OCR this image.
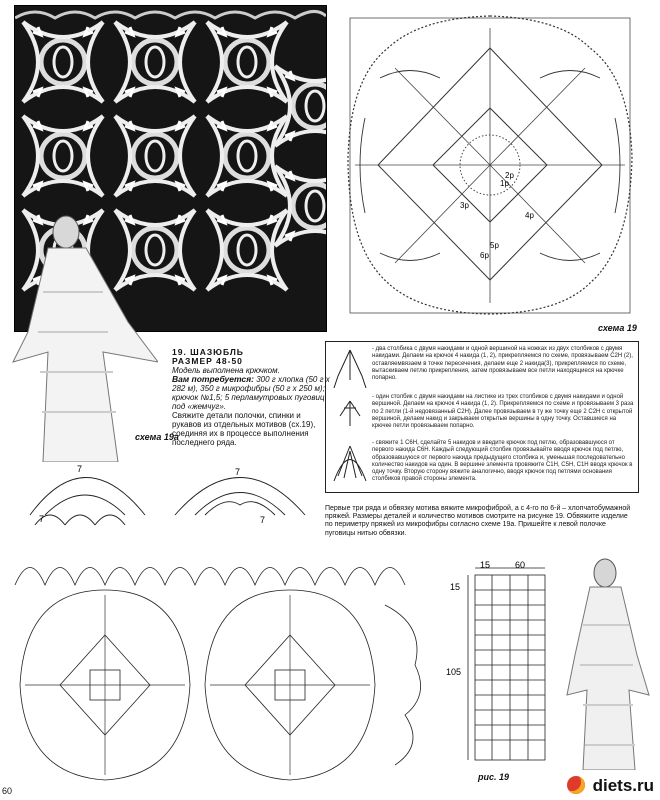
1р
2р
3р
4р
5р
6р
схема 19
19. ШАЗЮБЛЬ
РАЗМЕР 48-50
Модель выполнена крючком.
Вам потребуется: 300 г хлопка (50 г х 282 м), 350 г микрофибры (50 г х 250 м); крючок №1,5; 5 перламутровых пуговиц под «жемчуг».
Свяжите детали полочки, спинки и рукавов из отдельных мотивов (сх.19), соединяя их в процессе выполнения последнего ряда.
- два столбика с двумя накидами и одной вершиной на ножках из двух столбиков с двумя накидами. Делаем на крючок 4 накида (1, 2), прикрепляемся по схеме, провязываем С2Н (2), оставляемвязаем в точке пересечения, делаем еще 2 накида(3), прикрепляемся по схеме, вытаскиваем петлю прикрепления, затем провязываем все петли находящиеся на крючке попарно.
- один столбик с двумя накидами на листике из трех столбиков с двумя накидами и одной вершиной. Делаем на крючок 4 накида (1, 2). Прикрепляемся по схеме и провязываем 3 раза по 2 петли (1-й недовязанный С2Н). Далее провязываем в ту же точку еще 2 С2Н с открытой вершиной, делаем накид и закрываем открытые вершины в одну точку. Оставшиеся на крючке петли провязываем попарно.
- свяжите 1 С6Н, сделайте 5 накидов и введите крючок под петлю, образовавшуюся от первого накида С6Н. Каждый следующий столбик провязывайте вводя крючок под петлю, образовавшуюся от первого накида предыдущего столбика и, уменьшая последовательно количество накидов на один. В вершине элемента провяжите С1Н, С5Н, С1Н вводя крючок в одну точку. Вторую сторону вяжите аналогично, вводя крючок под петлями основания столбиков правой стороны элемента.
Первые три ряда и обвязку мотива вяжите микрофиброй, а с 4-го по 6-й – хлопчатобумажной пряжей. Размеры деталей и количество мотивов смотрите на рисунке 19. Обвяжите изделие по периметру пряжей из микрофибры согласно схеме 19а. Пришейте к левой полочке пуговицы нитью обвязки.
схема 19а
7
7
7
7
15	60
15
105
рис. 19
60	diets.ru
